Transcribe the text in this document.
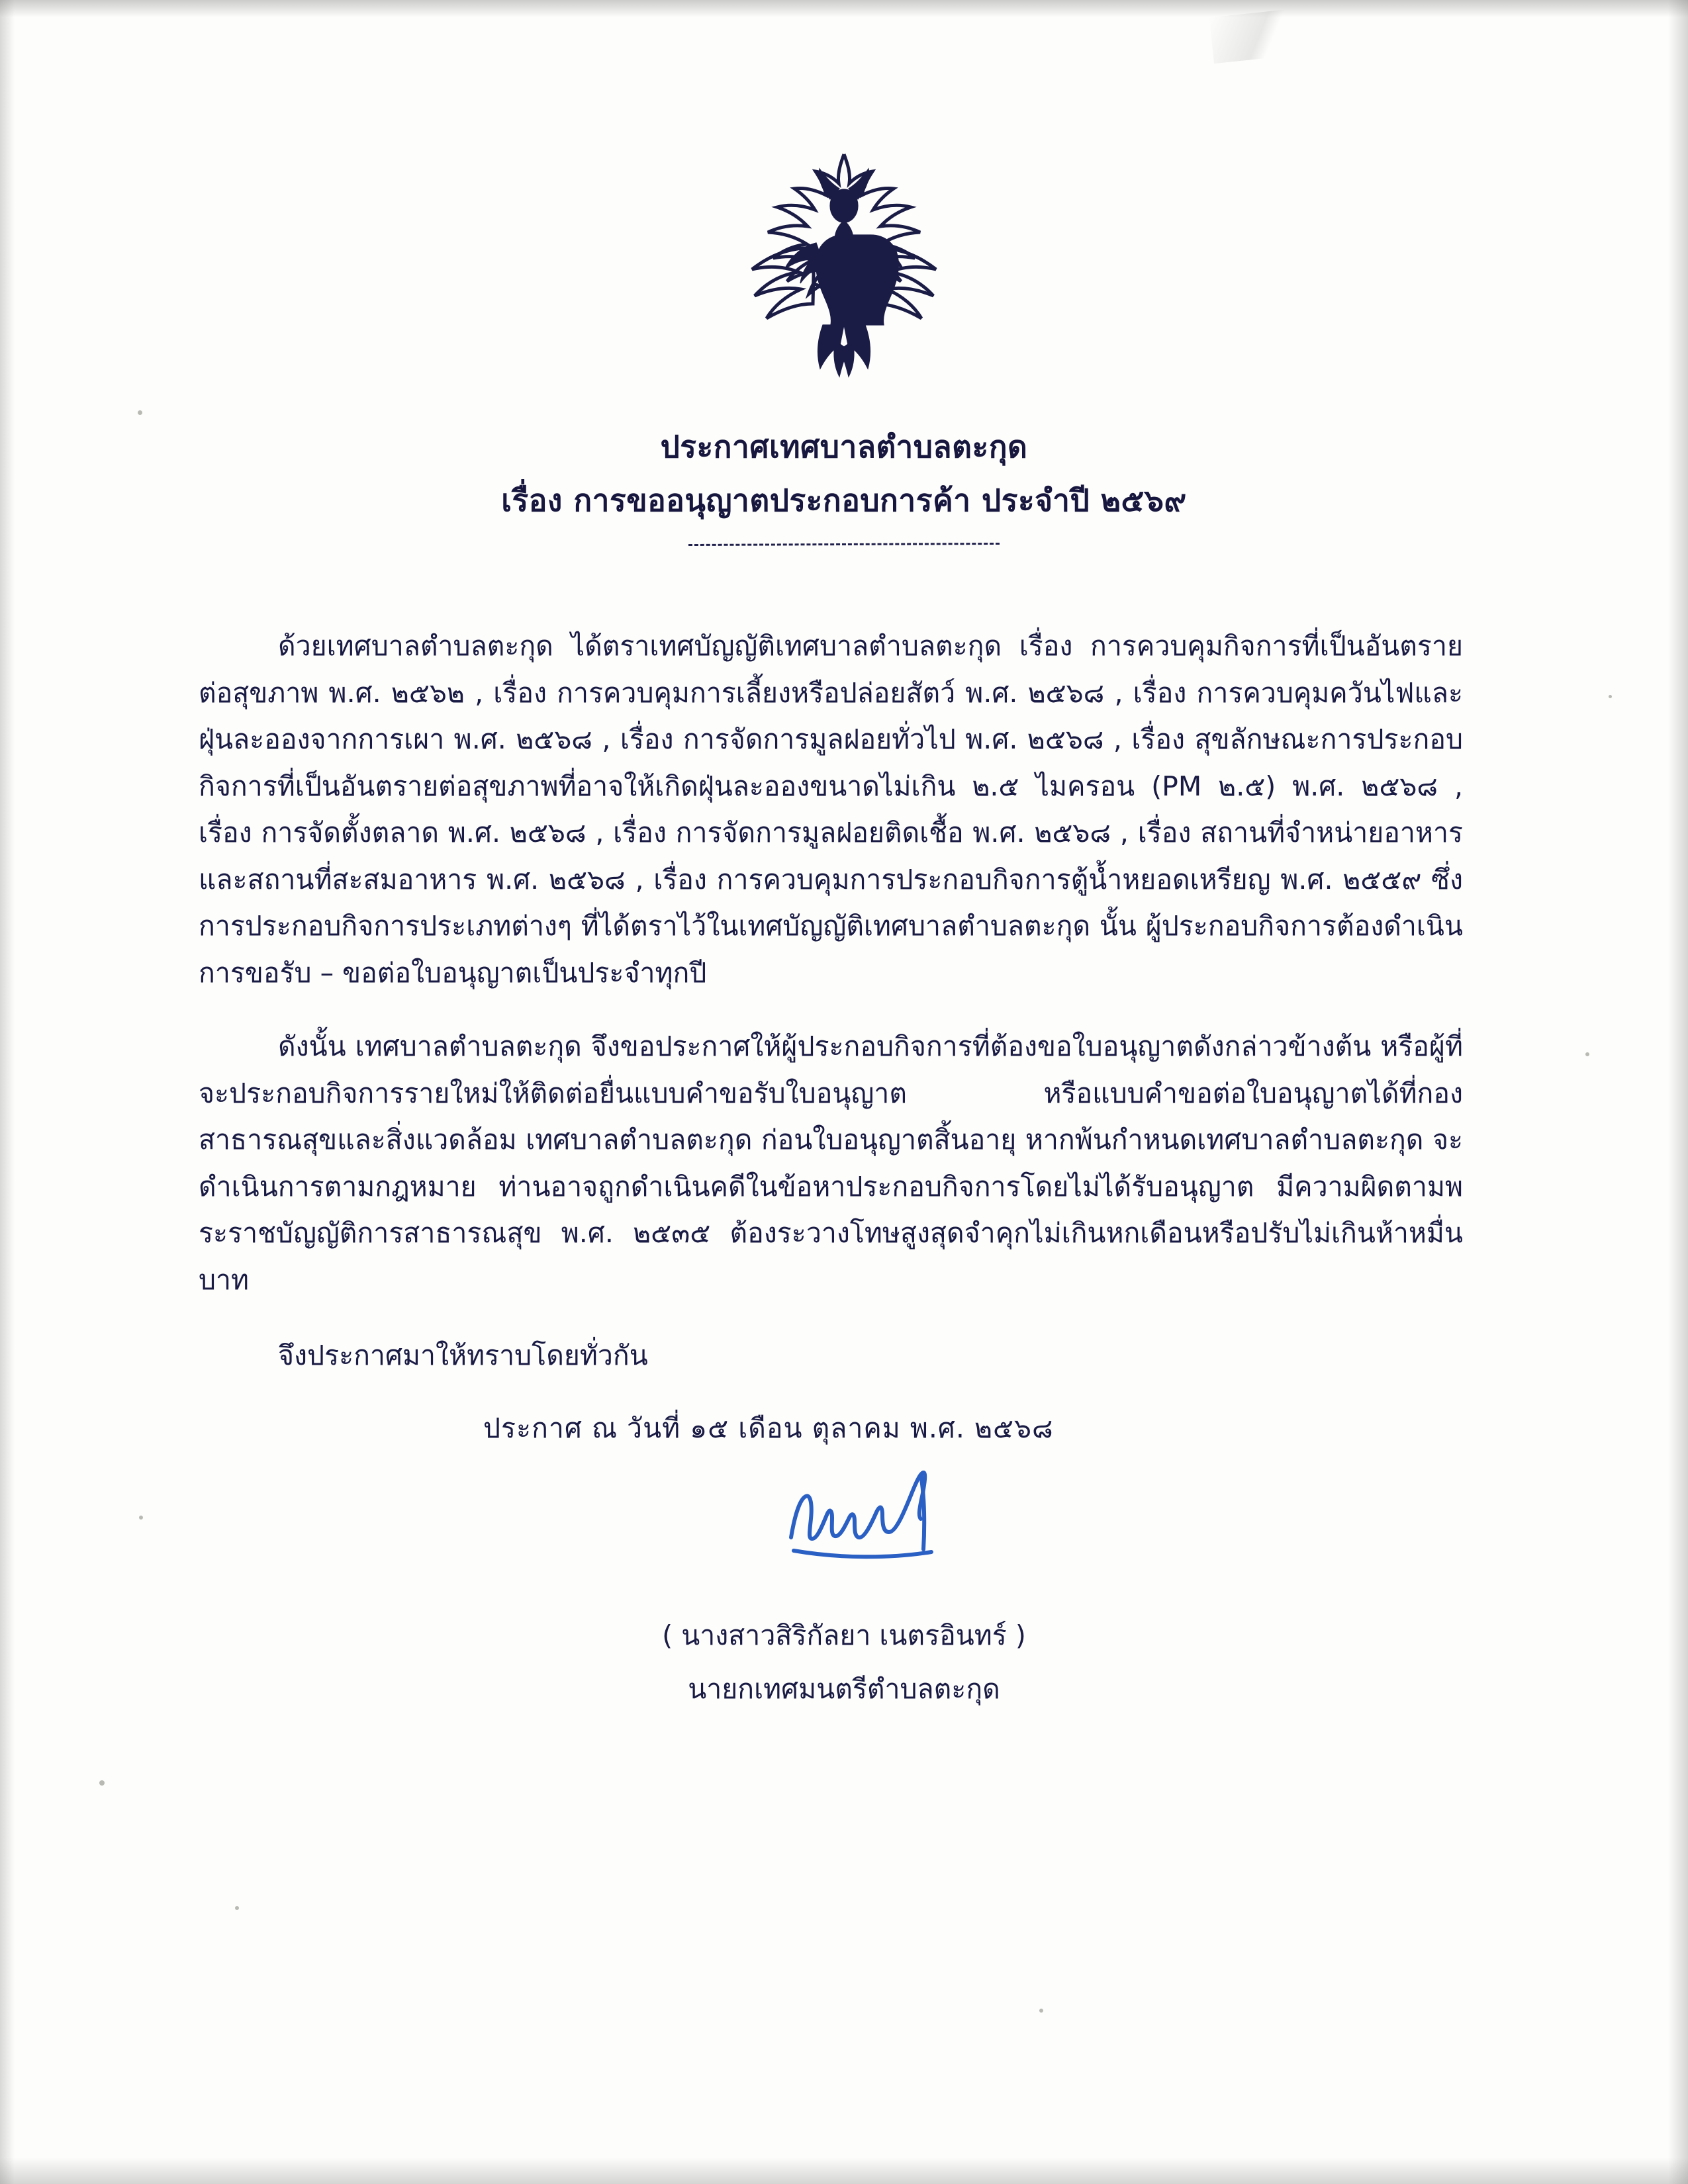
ประกาศเทศบาลตำบลตะกุด
เรื่อง การขออนุญาตประกอบการค้า ประจำปี ๒๕๖๙

ด้วยเทศบาลตำบลตะกุด ได้ตราเทศบัญญัติเทศบาลตำบลตะกุด เรื่อง การควบคุมกิจการที่เป็นอันตรายต่อสุขภาพ พ.ศ. ๒๕๖๒ , เรื่อง การควบคุมการเลี้ยงหรือปล่อยสัตว์ พ.ศ. ๒๕๖๘ , เรื่อง การควบคุมควันไฟและฝุ่นละอองจากการเผา พ.ศ. ๒๕๖๘ , เรื่อง การจัดการมูลฝอยทั่วไป พ.ศ. ๒๕๖๘ , เรื่อง สุขลักษณะการประกอบกิจการที่เป็นอันตรายต่อสุขภาพที่อาจให้เกิดฝุ่นละอองขนาดไม่เกิน ๒.๕ ไมครอน (PM ๒.๕) พ.ศ. ๒๕๖๘ , เรื่อง การจัดตั้งตลาด พ.ศ. ๒๕๖๘ , เรื่อง การจัดการมูลฝอยติดเชื้อ พ.ศ. ๒๕๖๘ , เรื่อง สถานที่จำหน่ายอาหารและสถานที่สะสมอาหาร พ.ศ. ๒๕๖๘ , เรื่อง การควบคุมการประกอบกิจการตู้น้ำหยอดเหรียญ พ.ศ. ๒๕๕๙ ซึ่งการประกอบกิจการประเภทต่างๆ ที่ได้ตราไว้ในเทศบัญญัติเทศบาลตำบลตะกุด นั้น ผู้ประกอบกิจการต้องดำเนินการขอรับ – ขอต่อใบอนุญาตเป็นประจำทุกปี

ดังนั้น เทศบาลตำบลตะกุด จึงขอประกาศให้ผู้ประกอบกิจการที่ต้องขอใบอนุญาตดังกล่าวข้างต้น หรือผู้ที่จะประกอบกิจการรายใหม่ให้ติดต่อยื่นแบบคำขอรับใบอนุญาต หรือแบบคำขอต่อใบอนุญาตได้ที่กองสาธารณสุขและสิ่งแวดล้อม เทศบาลตำบลตะกุด ก่อนใบอนุญาตสิ้นอายุ หากพ้นกำหนดเทศบาลตำบลตะกุด จะดำเนินการตามกฎหมาย ท่านอาจถูกดำเนินคดีในข้อหาประกอบกิจการโดยไม่ได้รับอนุญาต มีความผิดตามพระราชบัญญัติการสาธารณสุข พ.ศ. ๒๕๓๕ ต้องระวางโทษสูงสุดจำคุกไม่เกินหกเดือนหรือปรับไม่เกินห้าหมื่นบาท

จึงประกาศมาให้ทราบโดยทั่วกัน
ประกาศ ณ วันที่ ๑๕ เดือน ตุลาคม พ.ศ. ๒๕๖๘
( นางสาวสิริกัลยา เนตรอินทร์ )
นายกเทศมนตรีตำบลตะกุด
